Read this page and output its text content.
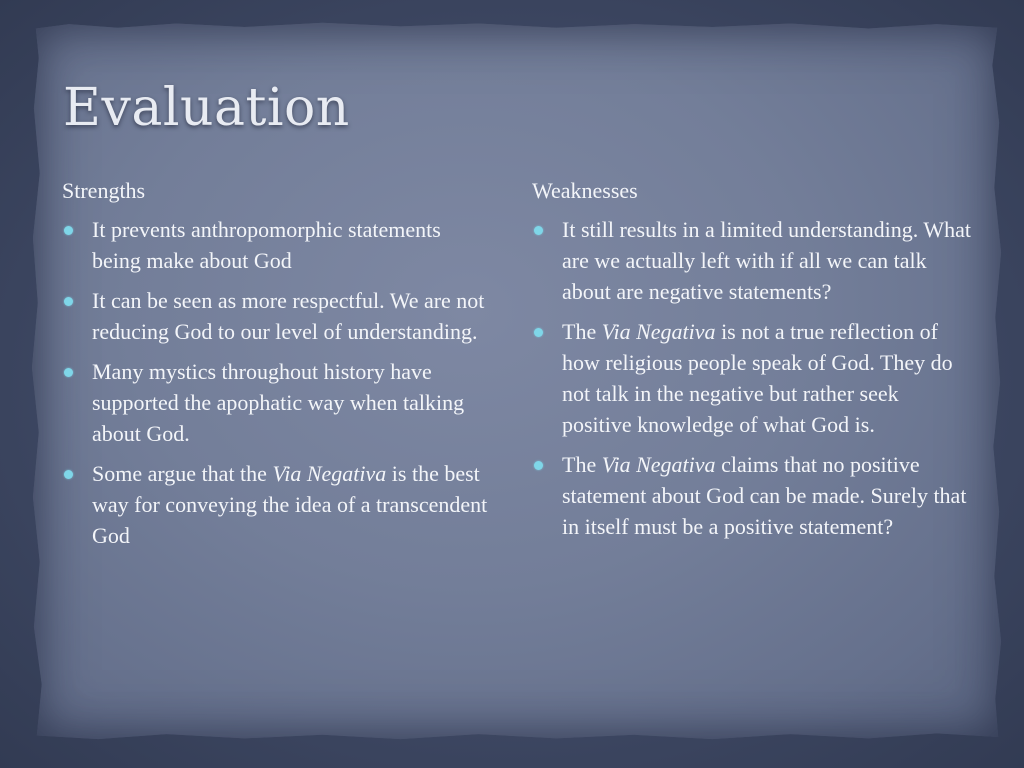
Evaluation
Strengths
It prevents anthropomorphic statements being make about God
It can be seen as more respectful. We are not reducing God to our level of understanding.
Many mystics throughout history have supported the apophatic way when talking about God.
Some argue that the Via Negativa is the best way for conveying the idea of a transcendent God
Weaknesses
It still results in a limited understanding. What are we actually left with if all we can talk about are negative statements?
The Via Negativa is not a true reflection of how religious people speak of God. They do not talk in the negative but rather seek positive knowledge of what God is.
The Via Negativa claims that no positive statement about God can be made. Surely that in itself must be a positive statement?
